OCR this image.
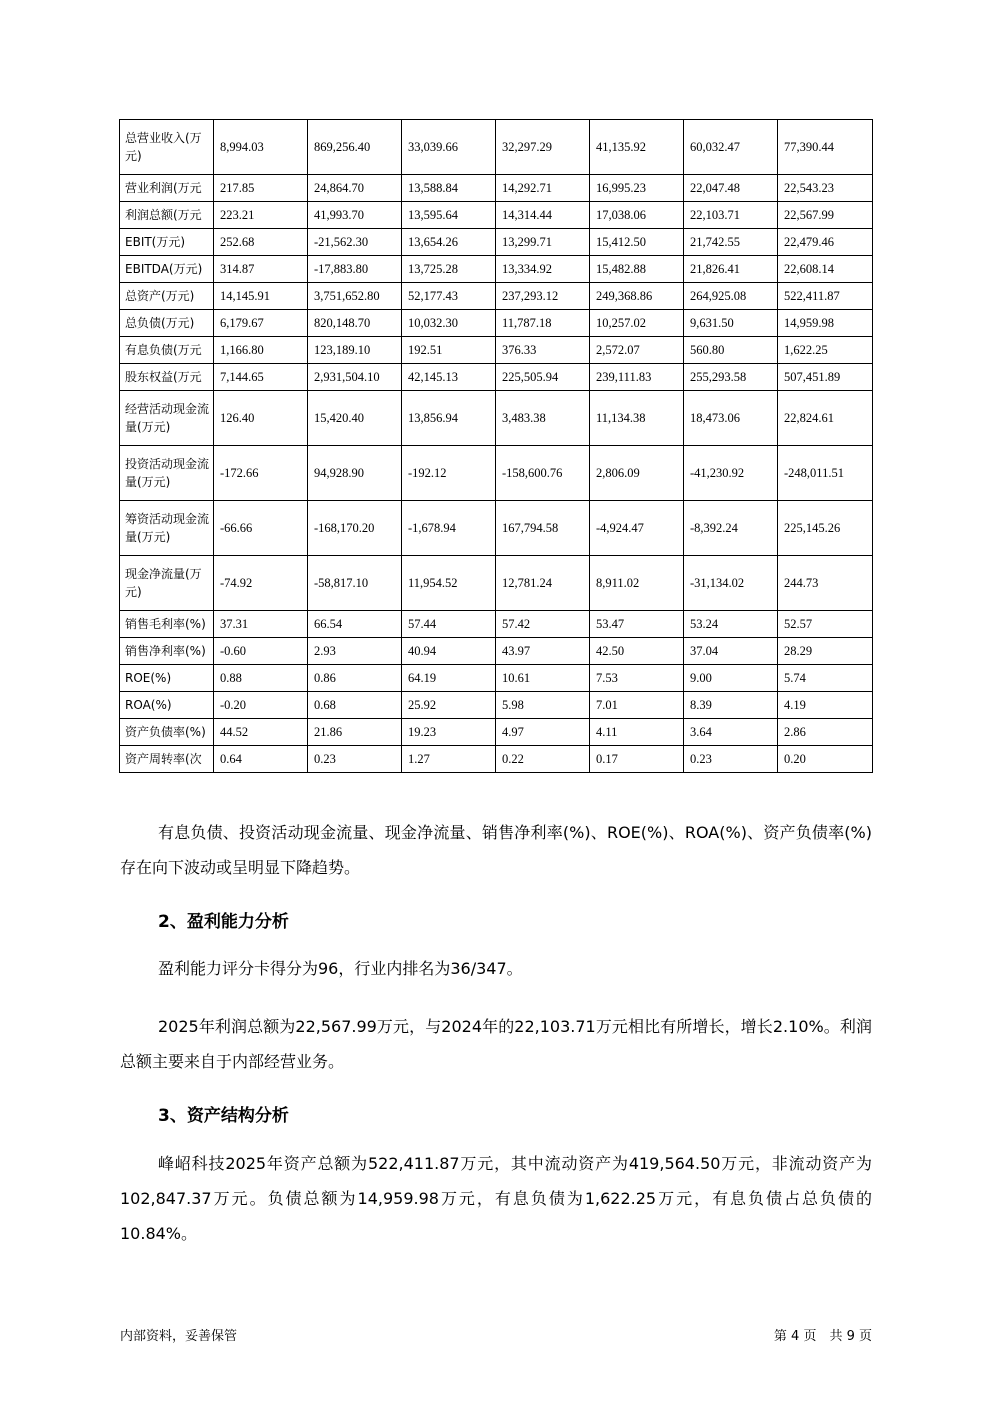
总营业收入(万元)	8,994.03	869,256.40	33,039.66	32,297.29	41,135.92	60,032.47	77,390.44
营业利润(万元	217.85	24,864.70	13,588.84	14,292.71	16,995.23	22,047.48	22,543.23
利润总额(万元	223.21	41,993.70	13,595.64	14,314.44	17,038.06	22,103.71	22,567.99
EBIT(万元)	252.68	-21,562.30	13,654.26	13,299.71	15,412.50	21,742.55	22,479.46
EBITDA(万元)	314.87	-17,883.80	13,725.28	13,334.92	15,482.88	21,826.41	22,608.14
总资产(万元)	14,145.91	3,751,652.80	52,177.43	237,293.12	249,368.86	264,925.08	522,411.87
总负债(万元)	6,179.67	820,148.70	10,032.30	11,787.18	10,257.02	9,631.50	14,959.98
有息负债(万元	1,166.80	123,189.10	192.51	376.33	2,572.07	560.80	1,622.25
股东权益(万元	7,144.65	2,931,504.10	42,145.13	225,505.94	239,111.83	255,293.58	507,451.89
经营活动现金流量(万元)	126.40	15,420.40	13,856.94	3,483.38	11,134.38	18,473.06	22,824.61
投资活动现金流量(万元)	-172.66	94,928.90	-192.12	-158,600.76	2,806.09	-41,230.92	-248,011.51
筹资活动现金流量(万元)	-66.66	-168,170.20	-1,678.94	167,794.58	-4,924.47	-8,392.24	225,145.26
现金净流量(万元)	-74.92	-58,817.10	11,954.52	12,781.24	8,911.02	-31,134.02	244.73
销售毛利率(%)	37.31	66.54	57.44	57.42	53.47	53.24	52.57
销售净利率(%)	-0.60	2.93	40.94	43.97	42.50	37.04	28.29
ROE(%)	0.88	0.86	64.19	10.61	7.53	9.00	5.74
ROA(%)	-0.20	0.68	25.92	5.98	7.01	8.39	4.19
资产负债率(%)	44.52	21.86	19.23	4.97	4.11	3.64	2.86
资产周转率(次	0.64	0.23	1.27	0.22	0.17	0.23	0.20
有息负债、投资活动现金流量、现金净流量、销售净利率(%)、ROE(%)、ROA(%)、资产负债率(%)存在向下波动或呈明显下降趋势。
2、盈利能力分析
盈利能力评分卡得分为96，行业内排名为36/347。
2025年利润总额为22,567.99万元，与2024年的22,103.71万元相比有所增长，增长2.10%。利润总额主要来自于内部经营业务。
3、资产结构分析
峰岹科技2025年资产总额为522,411.87万元，其中流动资产为419,564.50万元，非流动资产为102,847.37万元。负债总额为14,959.98万元，有息负债为1,622.25万元，有息负债占总负债的10.84%。
内部资料，妥善保管	第 4 页　共 9 页
